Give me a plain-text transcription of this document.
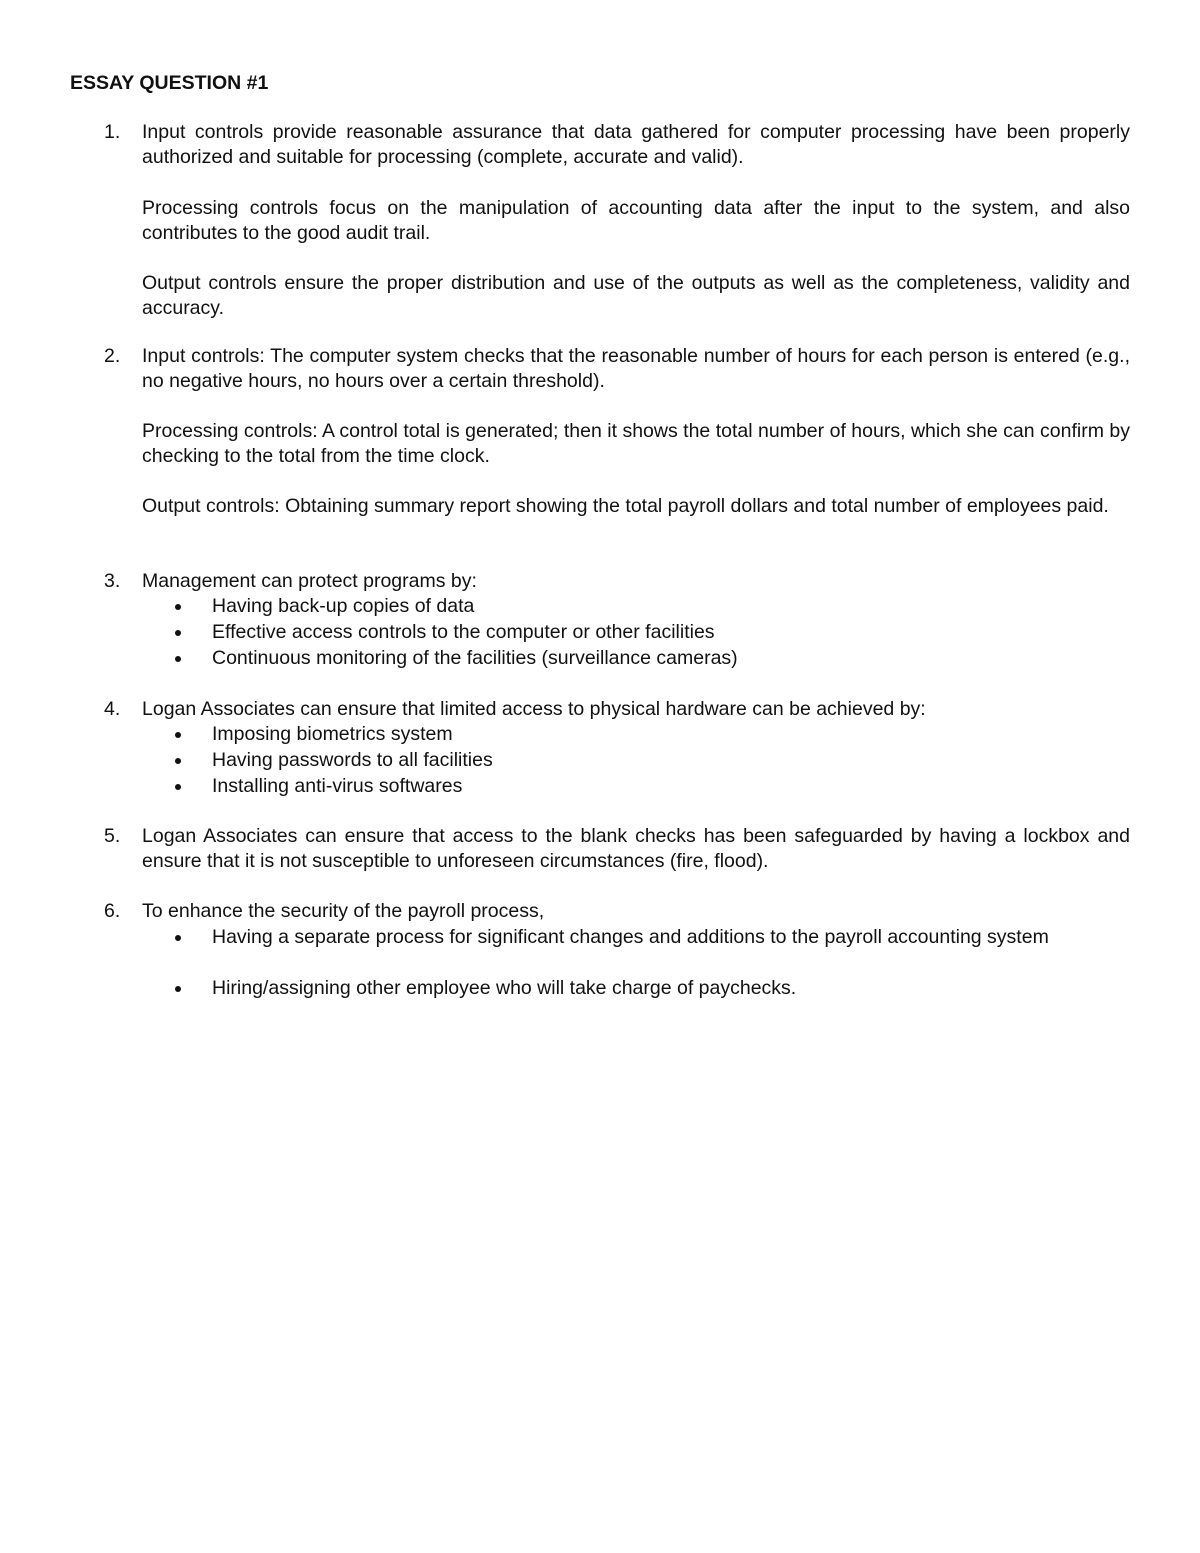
ESSAY QUESTION #1
1.	Input controls provide reasonable assurance that data gathered for computer processing have been properly authorized and suitable for processing (complete, accurate and valid).

Processing controls focus on the manipulation of accounting data after the input to the system, and also contributes to the good audit trail.

Output controls ensure the proper distribution and use of the outputs as well as the completeness, validity and accuracy.

2.	Input controls: The computer system checks that the reasonable number of hours for each person is entered (e.g., no negative hours, no hours over a certain threshold).

Processing controls: A control total is generated; then it shows the total number of hours, which she can confirm by checking to the total from the time clock.

Output controls: Obtaining summary report showing the total payroll dollars and total number of employees paid.

3.	Management can protect programs by:

Having back-up copies of data

Effective access controls to the computer or other facilities

Continuous monitoring of the facilities (surveillance cameras)

4.	Logan Associates can ensure that limited access to physical hardware can be achieved by:

Imposing biometrics system

Having passwords to all facilities

Installing anti-virus softwares

5.	Logan Associates can ensure that access to the blank checks has been safeguarded by having a lockbox and ensure that it is not susceptible to unforeseen circumstances (fire, flood).

6.	To enhance the security of the payroll process,

Having a separate process for significant changes and additions to the payroll accounting system

Hiring/assigning other employee who will take charge of paychecks.
